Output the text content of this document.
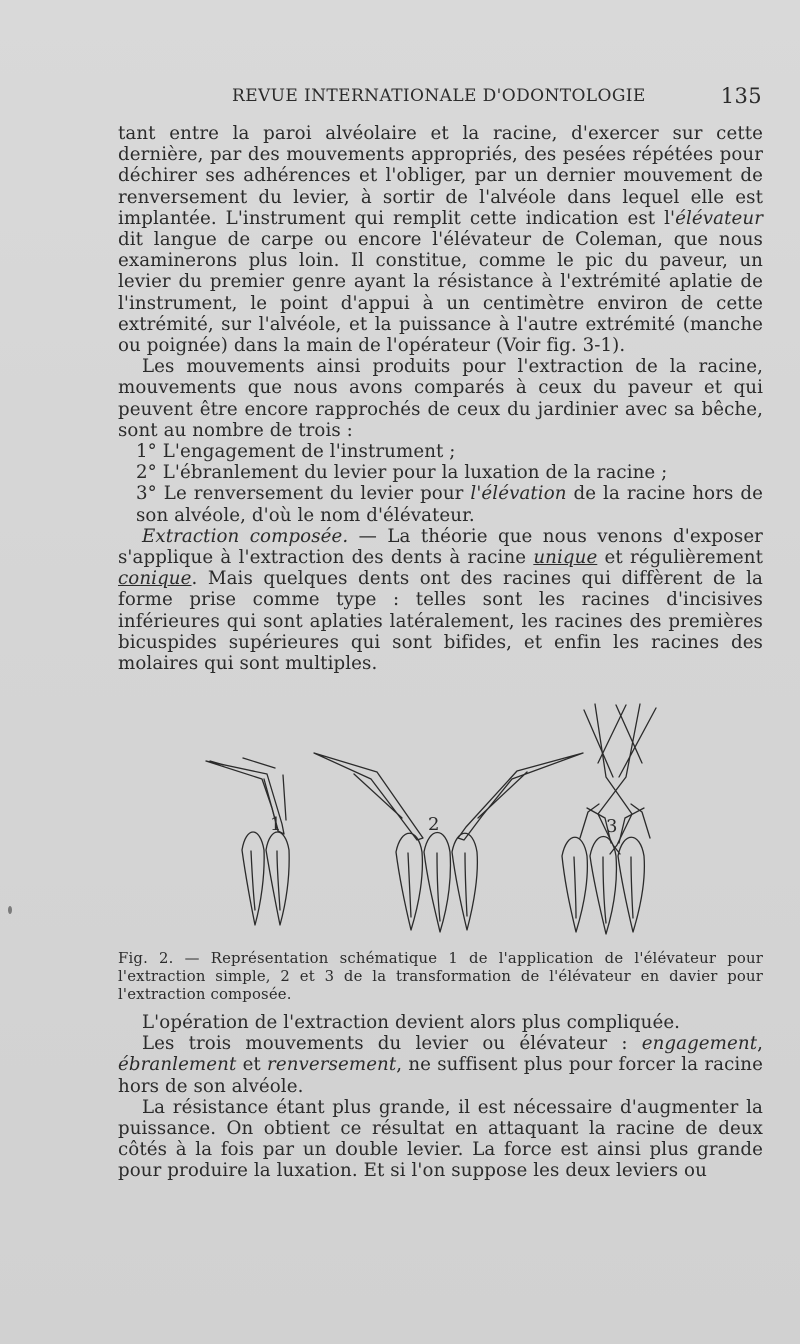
REVUE INTERNATIONALE D'ODONTOLOGIE	135

tant entre la paroi alvéolaire et la racine, d'exercer sur cette dernière, par des mouvements appropriés, des pesées répétées pour déchirer ses adhérences et l'obliger, par un dernier mouvement de renversement du levier, à sortir de l'alvéole dans lequel elle est implantée. L'instrument qui remplit cette indication est l'élévateur dit langue de carpe ou encore l'élévateur de Coleman, que nous examinerons plus loin. Il constitue, comme le pic du paveur, un levier du premier genre ayant la résistance à l'extrémité aplatie de l'instrument, le point d'appui à un centimètre environ de cette extrémité, sur l'alvéole, et la puissance à l'autre extrémité (manche ou poignée) dans la main de l'opérateur (Voir fig. 3-1).

Les mouvements ainsi produits pour l'extraction de la racine, mouvements que nous avons comparés à ceux du paveur et qui peuvent être encore rapprochés de ceux du jardinier avec sa bêche, sont au nombre de trois :

1° L'engagement de l'instrument ;

2° L'ébranlement du levier pour la luxation de la racine ;

3° Le renversement du levier pour l'élévation de la racine hors de son alvéole, d'où le nom d'élévateur.

Extraction composée. — La théorie que nous venons d'exposer s'applique à l'extraction des dents à racine unique et régulièrement conique. Mais quelques dents ont des racines qui diffèrent de la forme prise comme type : telles sont les racines d'incisives inférieures qui sont aplaties latéralement, les racines des premières bicuspides supérieures qui sont bifides, et enfin les racines des molaires qui sont multiples.

1	2	3
Fig. 2. — Représentation schématique 1 de l'application de l'élévateur pour l'extraction simple, 2 et 3 de la transformation de l'élévateur en davier pour l'extraction composée.

L'opération de l'extraction devient alors plus compliquée.

Les trois mouvements du levier ou élévateur : engagement, ébranlement et renversement, ne suffisent plus pour forcer la racine hors de son alvéole.

La résistance étant plus grande, il est nécessaire d'augmenter la puissance. On obtient ce résultat en attaquant la racine de deux côtés à la fois par un double levier. La force est ainsi plus grande pour produire la luxation. Et si l'on suppose les deux leviers ou
